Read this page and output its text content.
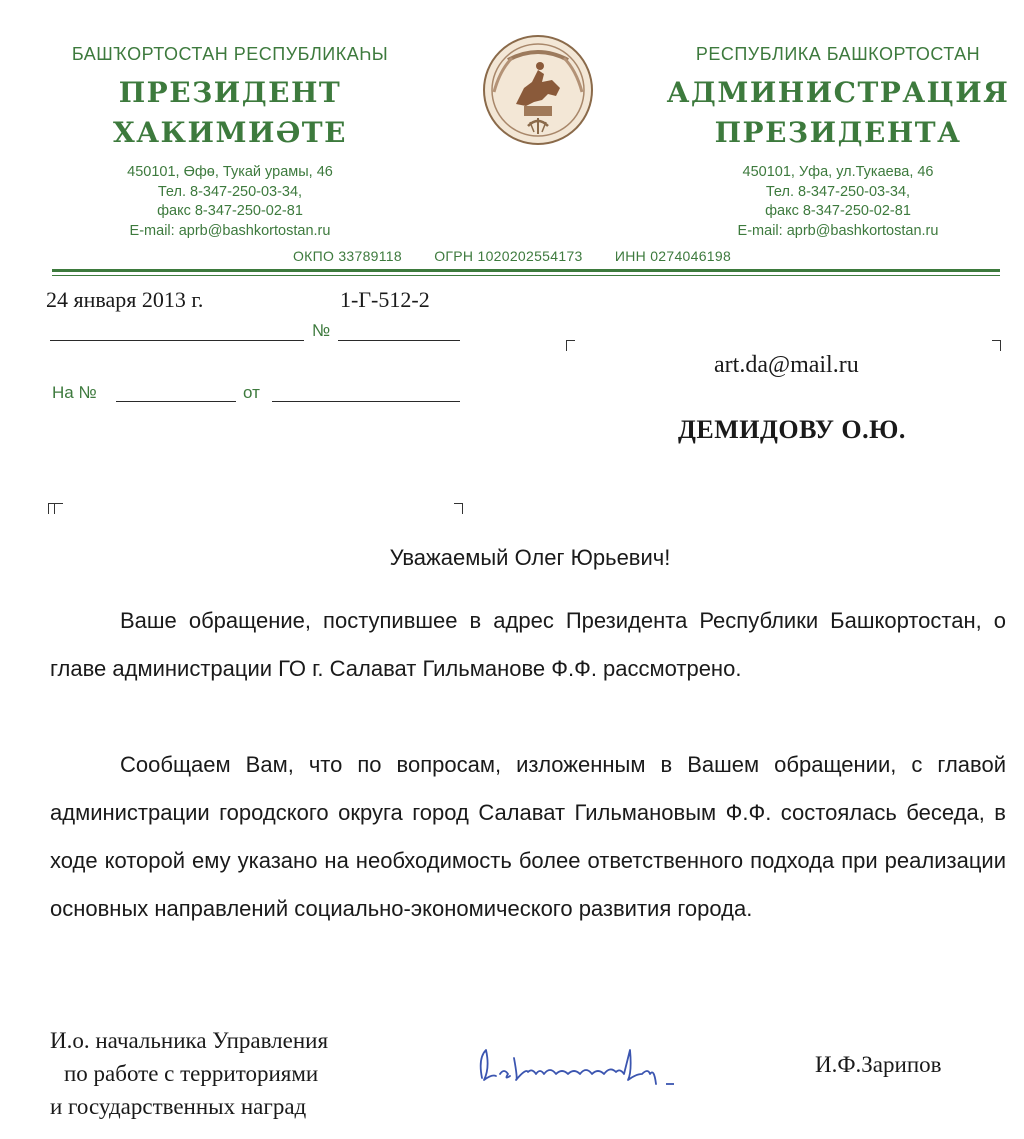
БАШҠОРТОСТАН РЕСПУБЛИКАҺЫ
ПРЕЗИДЕНТ
ХАКИМИӘТЕ
450101, Өфө, Тукай урамы, 46
Тел. 8-347-250-03-34,
факс 8-347-250-02-81
E-mail: aprb@bashkortostan.ru
РЕСПУБЛИКА БАШКОРТОСТАН
АДМИНИСТРАЦИЯ
ПРЕЗИДЕНТА
450101, Уфа, ул.Тукаева, 46
Тел. 8-347-250-03-34,
факс 8-347-250-02-81
E-mail: aprb@bashkortostan.ru
ОКПО 33789118 ОГРН 1020202554173 ИНН 0274046198
24 января 2013 г.	1-Г-512-2
№
На №	от
art.da@mail.ru
ДЕМИДОВУ О.Ю.
Уважаемый Олег Юрьевич!
Ваше обращение, поступившее в адрес Президента Республики Башкортостан, о главе администрации ГО г. Салават Гильманове Ф.Ф. рассмотрено.
Сообщаем Вам, что по вопросам, изложенным в Вашем обращении, с главой администрации городского округа город Салават Гильмановым Ф.Ф. состоялась беседа, в ходе которой ему указано на необходимость более ответственного подхода при реализации основных направлений социально-экономического развития города.
И.о. начальника Управления
по работе с территориями
и государственных наград
И.Ф.Зарипов
